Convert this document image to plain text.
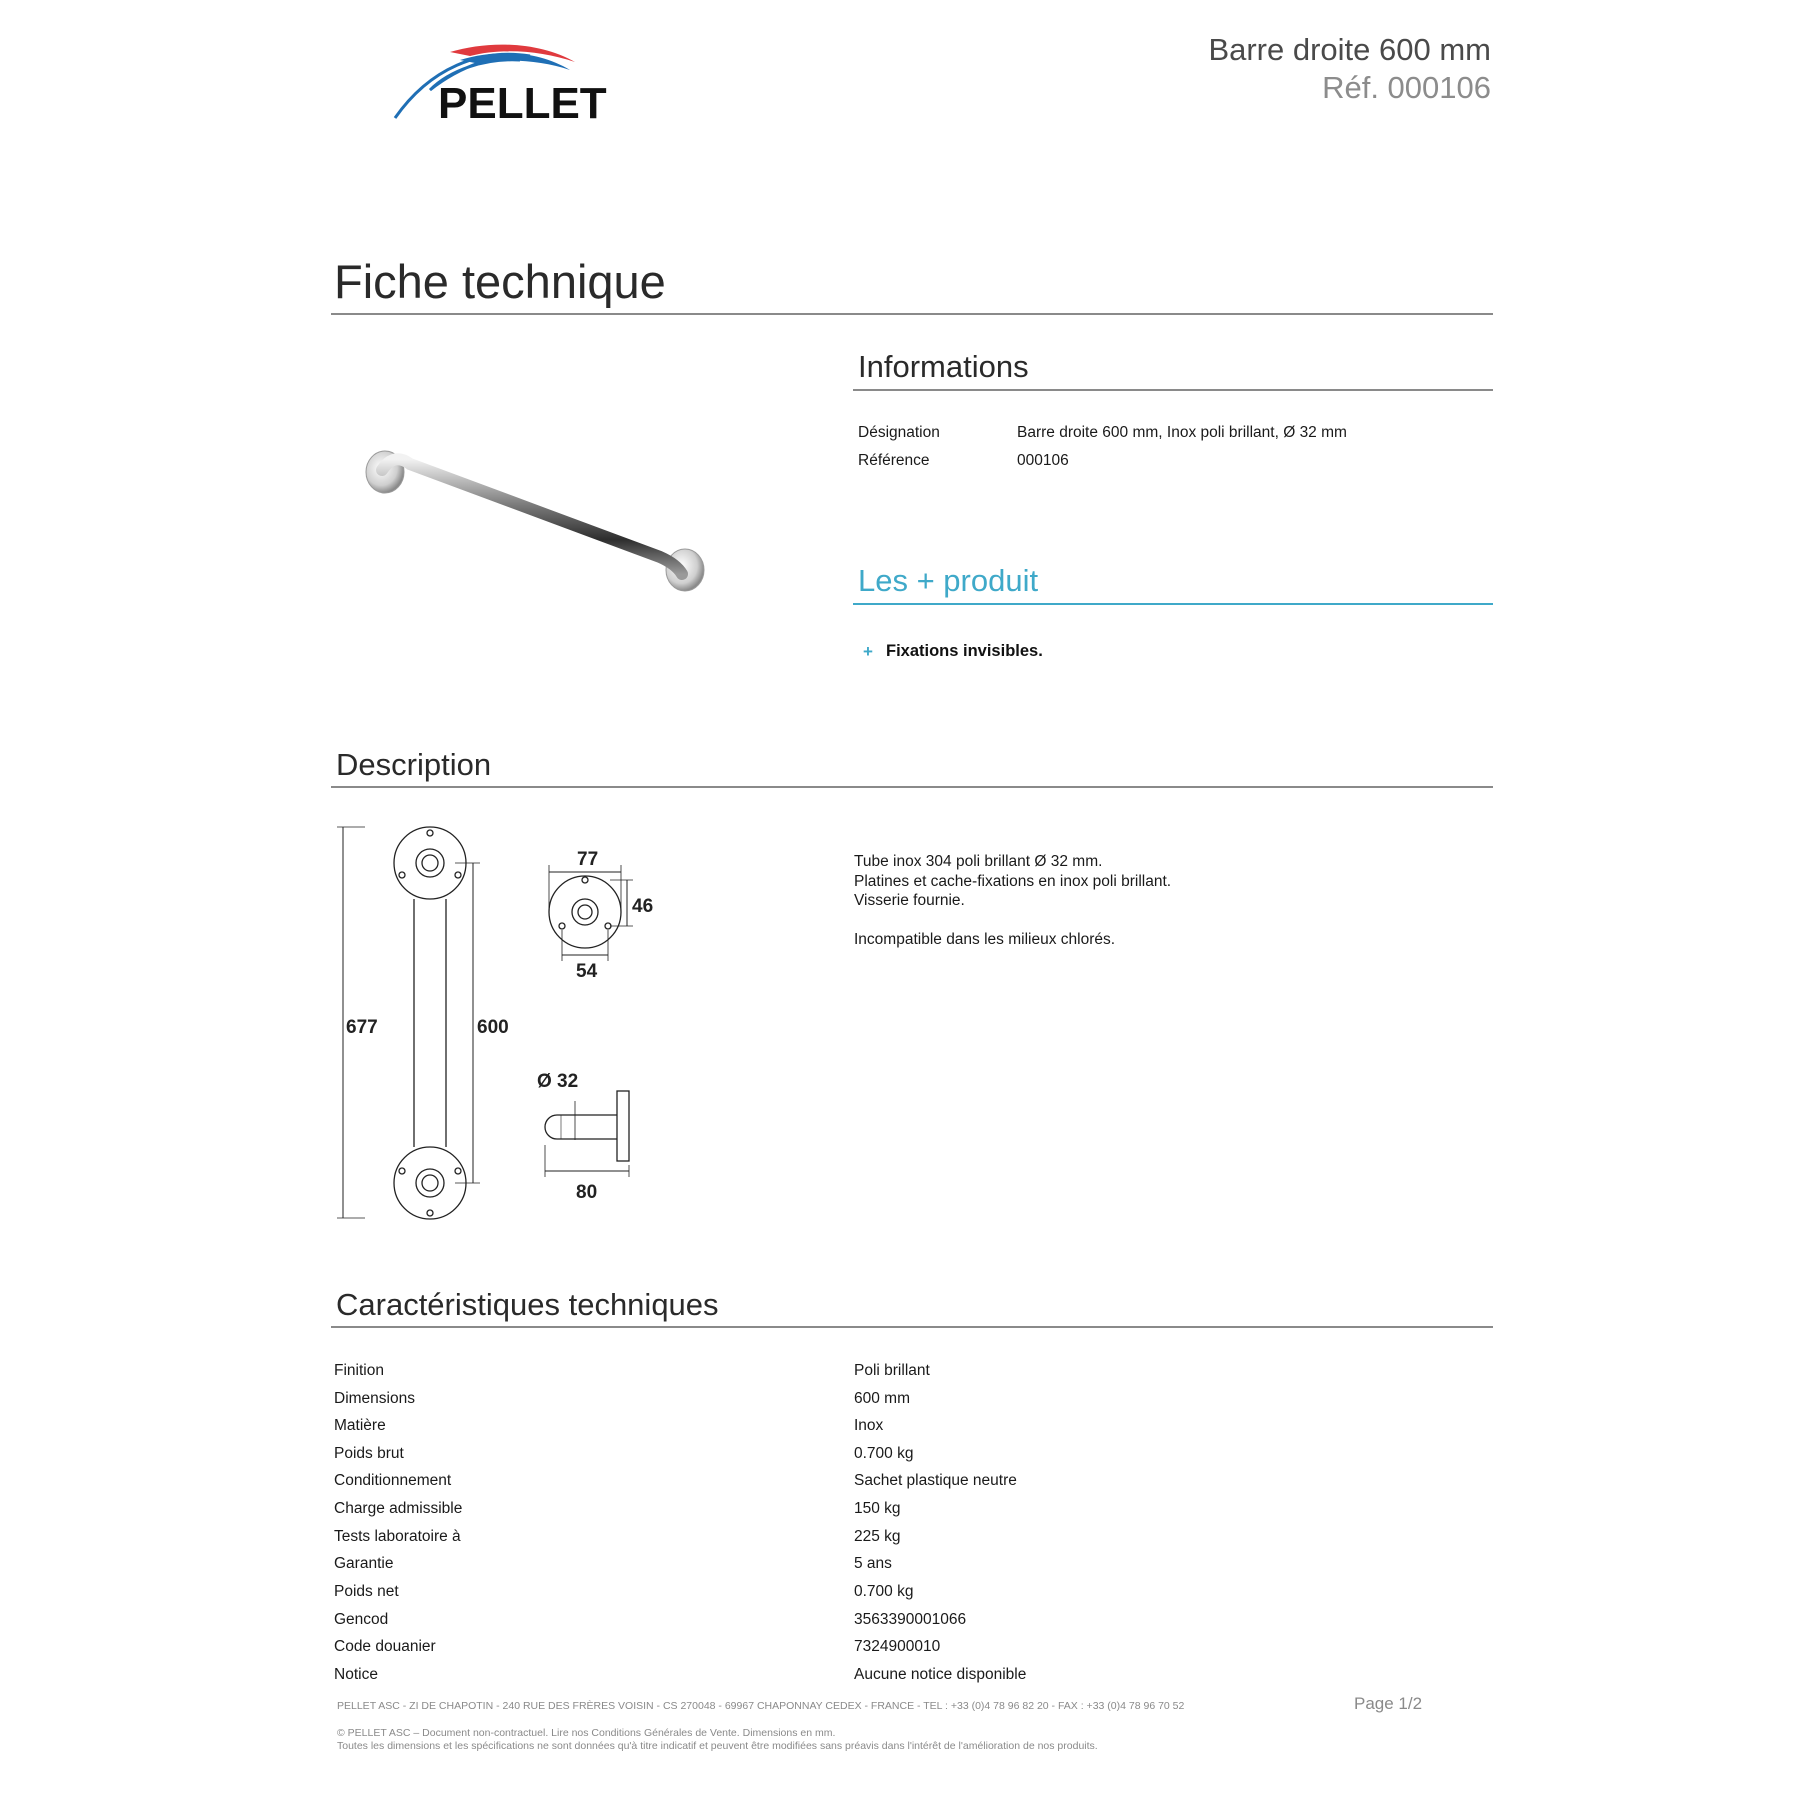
PELLET
Barre droite 600 mm
Réf. 000106
Fiche technique
Informations
Désignation	Barre droite 600 mm, Inox poli brillant, Ø 32 mm
Référence	000106
Les + produit
+ Fixations invisibles.
Description
677	600
77
46
54
Ø 32
80

Tube inox 304 poli brillant Ø 32 mm.

Platines et cache-fixations en inox poli brillant.

Visserie fournie.

Incompatible dans les milieux chlorés.

Caractéristiques techniques
Finition	Poli brillant
Dimensions	600 mm
Matière	Inox
Poids brut	0.700 kg
Conditionnement	Sachet plastique neutre
Charge admissible	150 kg
Tests laboratoire à	225 kg
Garantie	5 ans
Poids net	0.700 kg
Gencod	3563390001066
Code douanier	7324900010
Notice	Aucune notice disponible
PELLET ASC - ZI DE CHAPOTIN - 240 RUE DES FRÈRES VOISIN - CS 270048 - 69967 CHAPONNAY CEDEX - FRANCE - TEL : +33 (0)4 78 96 82 20 - FAX : +33 (0)4 78 96 70 52	Page 1/2

© PELLET ASC – Document non-contractuel. Lire nos Conditions Générales de Vente. Dimensions en mm.

Toutes les dimensions et les spécifications ne sont données qu'à titre indicatif et peuvent être modifiées sans préavis dans l'intérêt de l'amélioration de nos produits.
